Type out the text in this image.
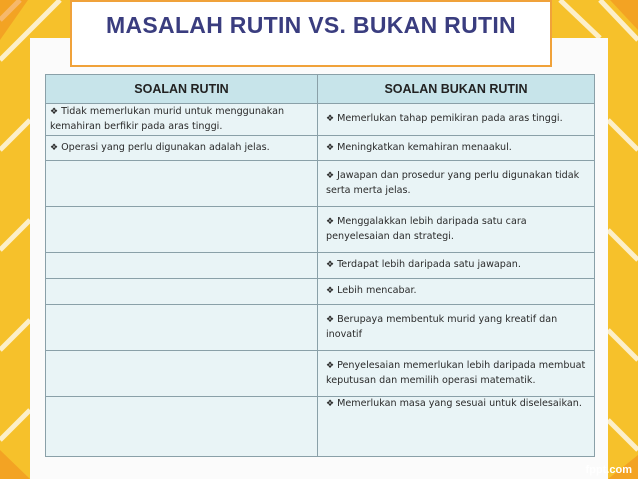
MASALAH RUTIN VS. BUKAN RUTIN
SOALAN RUTIN	SOALAN BUKAN RUTIN
❖ Tidak memerlukan murid untuk menggunakan kemahiran berfikir pada aras tinggi.	❖ Memerlukan tahap pemikiran pada aras tinggi.
❖ Operasi yang perlu digunakan adalah jelas.	❖ Meningkatkan kemahiran menaakul.
	❖ Jawapan dan prosedur yang perlu digunakan tidak serta merta jelas.
	❖ Menggalakkan lebih daripada satu cara penyelesaian dan strategi.
	❖ Terdapat lebih daripada satu jawapan.
	❖ Lebih mencabar.
	❖ Berupaya membentuk murid yang kreatif dan inovatif
	❖ Penyelesaian memerlukan lebih daripada membuat keputusan dan memilih operasi matematik.
	❖ Memerlukan masa yang sesuai untuk diselesaikan.
fppt.com
